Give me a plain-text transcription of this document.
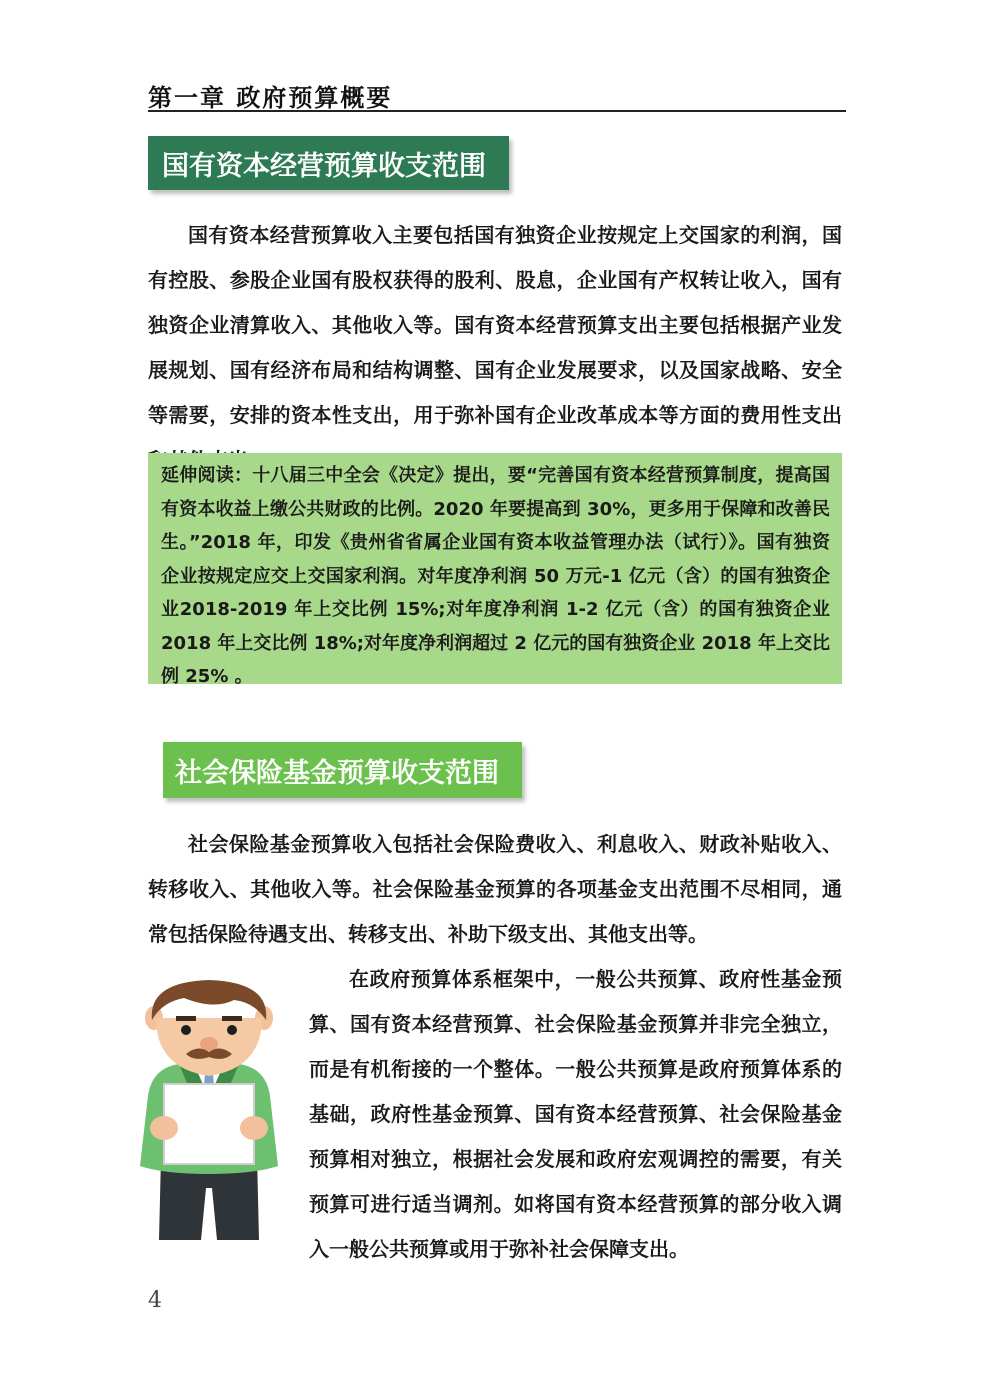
第一章 政府预算概要
国有资本经营预算收支范围

国有资本经营预算收入主要包括国有独资企业按规定上交国家的利润，国有控股、参股企业国有股权获得的股利、股息，企业国有产权转让收入，国有独资企业清算收入、其他收入等。国有资本经营预算支出主要包括根据产业发展规划、国有经济布局和结构调整、国有企业发展要求，以及国家战略、安全等需要，安排的资本性支出，用于弥补国有企业改革成本等方面的费用性支出

延伸阅读：十八届三中全会《决定》提出，要“完善国有资本经营预算制度，提高国有资本收益上缴公共财政的比例。2020 年要提高到 30%，更多用于保障和改善民生。”2018 年，印发《贵州省省属企业国有资本收益管理办法（试行）》。国有独资企业按规定应交上交国家利润。对年度净利润 50 万元-1 亿元（含）的国有独资企业2018-2019 年上交比例 15%;对年度净利润 1-2 亿元（含）的国有独资企业 2018 年上交比例 18%;对年度净利润超过 2 亿元的国有独资企业 2018 年上交比例 25% 。

社会保险基金预算收支范围

社会保险基金预算收入包括社会保险费收入、利息收入、财政补贴收入、转移收入、其他收入等。社会保险基金预算的各项基金支出范围不尽相同，通常包括保险待遇支出、转移支出、补助下级支出、其他支出等。

在政府预算体系框架中，一般公共预算、政府性基金预算、国有资本经营预算、社会保险基金预算并非完全独立，而是有机衔接的一个整体。一般公共预算是政府预算体系的基础，政府性基金预算、国有资本经营预算、社会保险基金预算相对独立，根据社会发展和政府宏观调控的需要，有关预算可进行适当调剂。如将国有资本经营预算的部分收入调入一般公共预算或用于弥补社会保障支出。

4
